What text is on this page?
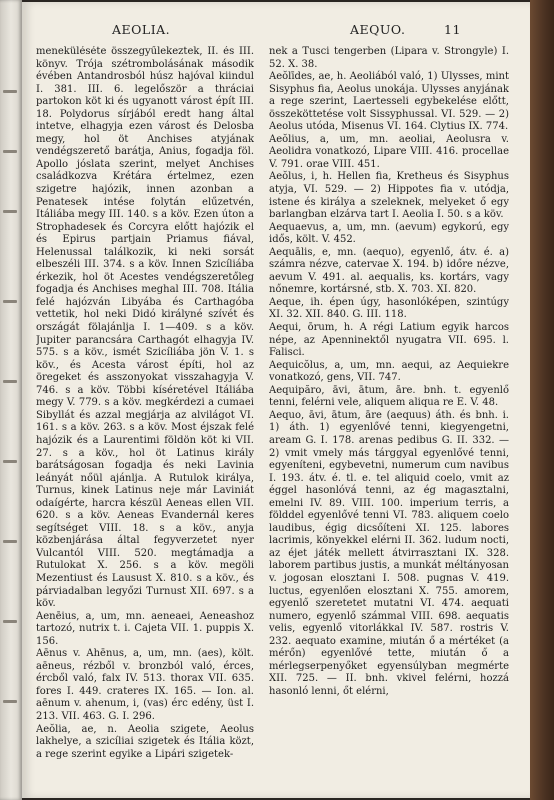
AEOLIA.	AEQUO.	11

meneküléséte összegyűlekeztek, II. és III. könyv. Trója szétrombolásának második évében Antandrosból húsz hajóval kiindul I. 381. III. 6. legelőször a thráciai partokon köt ki és ugyanott várost épít III. 18. Polydorus sírjából eredt hang által intetve, elhagyja ezen várost és Delosba megy, hol öt Anchises atyjának vendégszerető barátja, Anius, fogadja föl. Apollo jóslata szerint, melyet Anchises családkozva Krétára értelmez, ezen szigetre hajózik, innen azonban a Penatesek intése folytán elűzetvén, Itáliába megy III. 140. s a köv. Ezen úton a Strophadesek és Corcyra előtt hajózik el és Epirus partjain Priamus fiával, Helenussal találkozik, ki neki sorsát elbeszéli III. 374. s a köv. Innen Szicíliába érkezik, hol öt Acestes vendégszeretőleg fogadja és Anchises meghal III. 708. Itália felé hajózván Libyába és Carthagóba vettetik, hol neki Didó királyné szívét és országát fölajánlja I. 1—409. s a köv. Jupiter parancsára Carthagót elhagyja IV. 575. s a köv., ismét Szicíliába jön V. 1. s köv., és Acesta várost építi, hol az öregeket és asszonyokat visszahagyja V. 746. s a köv. Többi kíséretével Itáliába megy V. 779. s a köv. megkérdezi a cumaei Sibyllát és azzal megjárja az alvilágot VI. 161. s a köv. 263. s a köv. Most éjszak felé hajózik és a Laurentimi földön köt ki VII. 27. s a köv., hol öt Latinus király barátságosan fogadja és neki Lavinia leányát nőül ajánlja. A Rutulok királya, Turnus, kinek Latinus neje már Laviniát odaígérte, harcra készül Aeneas ellen VII. 620. s a köv. Aeneas Evandernál keres segítséget VIII. 18. s a köv., anyja közbenjárása által fegyverzetet nyer Vulcantól VIII. 520. megtámadja a Rutulokat X. 256. s a köv. megöli Mezentiust és Lausust X. 810. s a köv., és párviadalban legyőzi Turnust XII. 697. s a köv.

Aenēius, a, um, mn. aeneaei, Aeneashoz tartozó, nutrix t. i. Cajeta VII. 1. puppis X. 156.

Aēnus v. Ahēnus, a, um, mn. (aes), költ. aēneus, rézből v. bronzból való, érces, ércből való, falx IV. 513. thorax VII. 635. fores I. 449. crateres IX. 165. — Ion. al. aēnum v. ahenum, i, (vas) érc edény, üst I. 213. VII. 463. G. I. 296.

Aeŏlia, ae, n. Aeolia szigete, Aeolus lakhelye, a szicíliai szigetek és Itália közt, a rege szerint egyike a Lipári szigetek-

nek a Tusci tengerben (Lipara v. Strongyle) I. 52. X. 38.

Aeŏlīdes, ae, h. Aeoliából való, 1) Ulysses, mint Sisyphus fia, Aeolus unokája. Ulysses anyjának a rege szerint, Laertesseli egybekelése előtt, összeköttetése volt Sissyphussal. VI. 529. — 2) Aeolus utóda, Misenus VI. 164. Clytius IX. 774.

Aeŏlius, a, um, mn. aeoliai, Aeolusra v. Aeolidra vonatkozó, Lipare VIII. 416. procellae V. 791. orae VIII. 451.

Aeŏlus, i, h. Hellen fia, Kretheus és Sisyphus atyja, VI. 529. — 2) Hippotes fia v. utódja, istene és királya a szeleknek, melyeket ő egy barlangban elzárva tart I. Aeolia I. 50. s a köv.

Aequaevus, a, um, mn. (aevum) egykorú, egy idős, költ. V. 452.

Aequālis, e, mn. (aequo), egyenlő, átv. é. a) számra nézve, catervae X. 194. b) időre nézve, aevum V. 491. al. aequalis, ks. kortárs, vagy nőnemre, kortársné, stb. X. 703. XI. 820.

Aeque, ih. épen úgy, hasonlóképen, szintúgy XI. 32. XII. 840. G. III. 118.

Aequi, ōrum, h. A régi Latium egyik harcos népe, az Apenninektől nyugatra VII. 695. l. Falisci.

Aequicŏlus, a, um, mn. aequi, az Aequiekre vonatkozó, gens, VII. 747.

Aequipăro, āvi, ātum, āre. bnh. t. egyenlő tenni, felérni vele, aliquem aliqua re E. V. 48.

Aequo, āvi, ātum, āre (aequus) áth. és bnh. i. 1) áth. 1) egyenlővé tenni, kiegyengetni, aream G. I. 178. arenas pedibus G. II. 332. — 2) vmit vmely más tárggyal egyenlővé tenni, egyeníteni, egybevetni, numerum cum navibus I. 193. átv. é. tl. e. tel aliquid coelo, vmit az éggel hasonlóvá tenni, az ég magasztalni, emelni IV. 89. VIII. 100. imperium terris, a földdel egyenlővé tenni VI. 783. aliquem coelo laudibus, égig dicsőíteni XI. 125. labores lacrimis, könyekkel elérni II. 362. ludum nocti, az éjet játék mellett átvirrasztani IX. 328. laborem partibus justis, a munkát méltányosan v. jogosan elosztani I. 508. pugnas V. 419. luctus, egyenlően elosztani X. 755. amorem, egyenlő szeretetet mutatni VI. 474. aequati numero, egyenlő számmal VIII. 698. aequatis velis, egyenlő vitorlákkal IV. 587. rostris V. 232. aequato examine, miután ő a mértéket (a mérőn) egyenlővé tette, miután ő a mérlegserpenyőket egyensúlyban megmérte XII. 725. — II. bnh. vkivel felérni, hozzá hasonló lenni, őt elérni,
